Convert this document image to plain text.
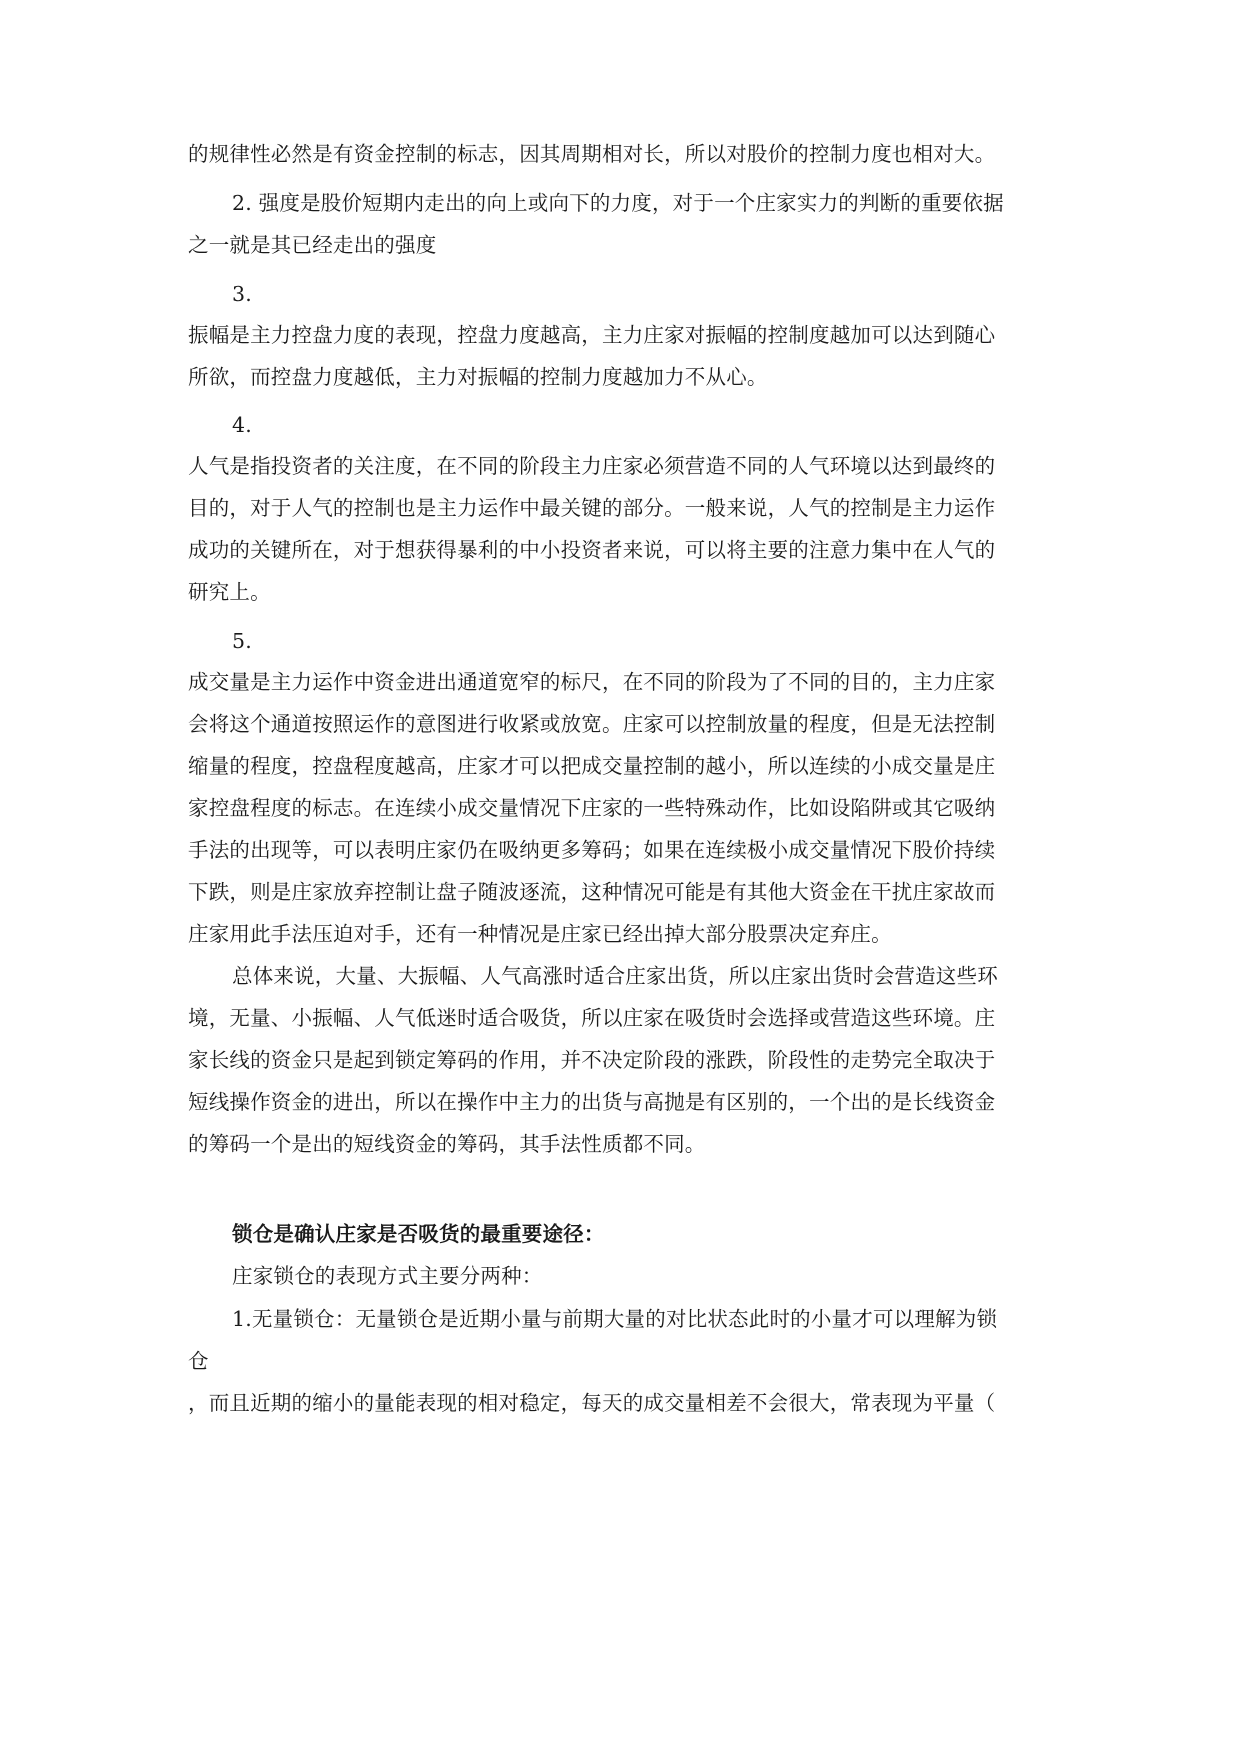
的规律性必然是有资金控制的标志，因其周期相对长，所以对股价的控制力度也相对大。
2. 强度是股价短期内走出的向上或向下的力度，对于一个庄家实力的判断的重要依据
之一就是其已经走出的强度
3.
振幅是主力控盘力度的表现，控盘力度越高，主力庄家对振幅的控制度越加可以达到随心
所欲，而控盘力度越低，主力对振幅的控制力度越加力不从心。
4.
人气是指投资者的关注度，在不同的阶段主力庄家必须营造不同的人气环境以达到最终的
目的，对于人气的控制也是主力运作中最关键的部分。一般来说，人气的控制是主力运作
成功的关键所在，对于想获得暴利的中小投资者来说，可以将主要的注意力集中在人气的
研究上。
5.
成交量是主力运作中资金进出通道宽窄的标尺，在不同的阶段为了不同的目的，主力庄家
会将这个通道按照运作的意图进行收紧或放宽。庄家可以控制放量的程度，但是无法控制
缩量的程度，控盘程度越高，庄家才可以把成交量控制的越小，所以连续的小成交量是庄
家控盘程度的标志。在连续小成交量情况下庄家的一些特殊动作，比如设陷阱或其它吸纳
手法的出现等，可以表明庄家仍在吸纳更多筹码；如果在连续极小成交量情况下股价持续
下跌，则是庄家放弃控制让盘子随波逐流，这种情况可能是有其他大资金在干扰庄家故而
庄家用此手法压迫对手，还有一种情况是庄家已经出掉大部分股票决定弃庄。
总体来说，大量、大振幅、人气高涨时适合庄家出货，所以庄家出货时会营造这些环
境，无量、小振幅、人气低迷时适合吸货，所以庄家在吸货时会选择或营造这些环境。庄
家长线的资金只是起到锁定筹码的作用，并不决定阶段的涨跌，阶段性的走势完全取决于
短线操作资金的进出，所以在操作中主力的出货与高抛是有区别的，一个出的是长线资金
的筹码一个是出的短线资金的筹码，其手法性质都不同。
锁仓是确认庄家是否吸货的最重要途径：
庄家锁仓的表现方式主要分两种：
1.无量锁仓：无量锁仓是近期小量与前期大量的对比状态此时的小量才可以理解为锁
仓
，而且近期的缩小的量能表现的相对稳定，每天的成交量相差不会很大，常表现为平量（
